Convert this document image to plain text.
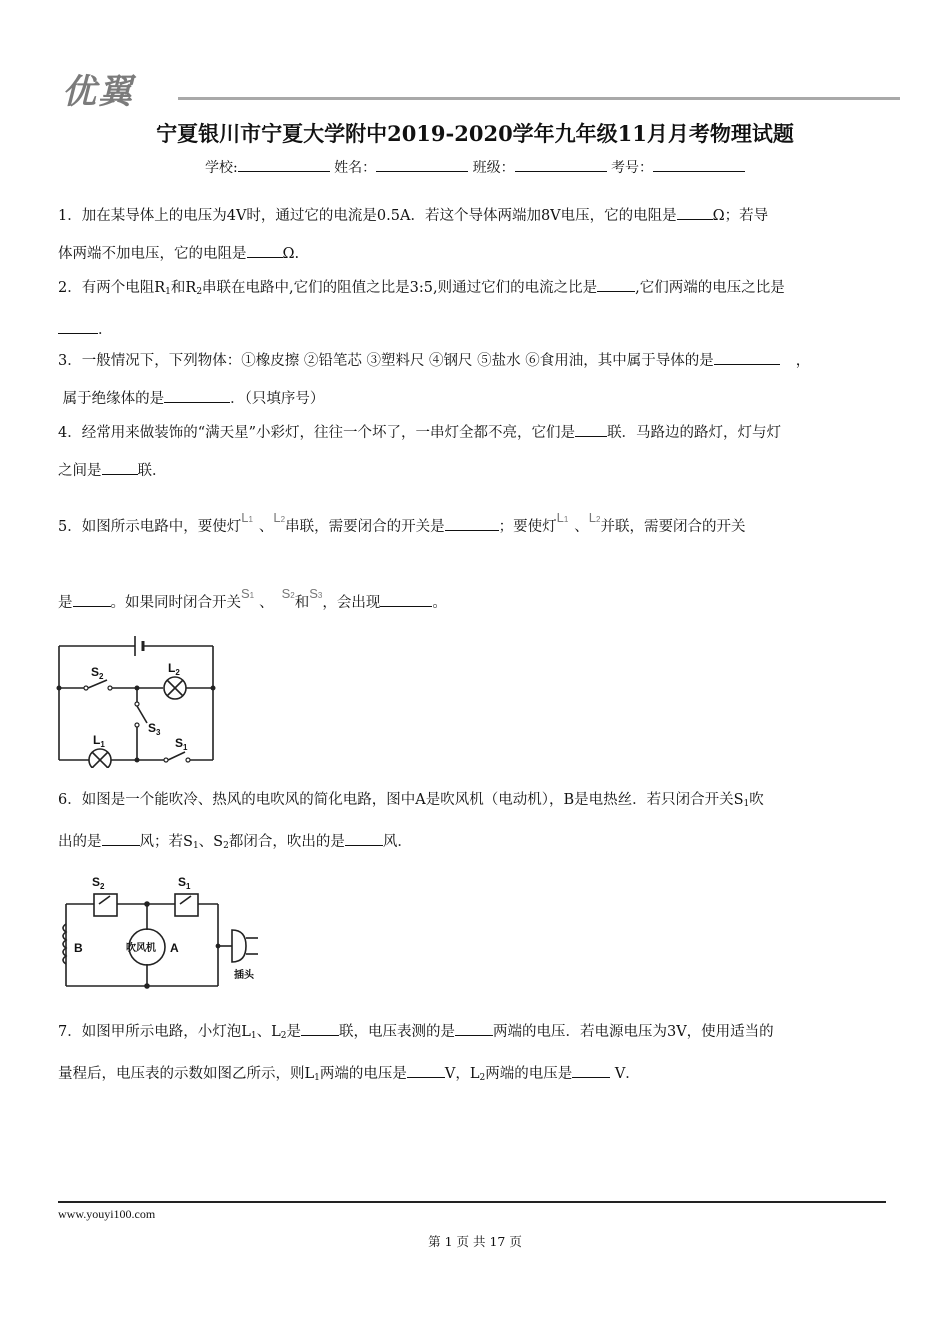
优翼
宁夏银川市宁夏大学附中2019-2020学年九年级11月月考物理试题
学校:	姓名：	班级：	考号：

1．加在某导体上的电压为4V时，通过它的电流是0.5A．若这个导体两端加8V电压，它的电阻是 Ω；若导

体两端不加电压，它的电阻是 Ω.

2．有两个电阻R1和R2串联在电路中,它们的阻值之比是3:5,则通过它们的电流之比是	,它们两端的电压之比是

．

3．一般情况下，下列物体：①橡皮擦 ②铅笔芯 ③塑料尺 ④钢尺 ⑤盐水 ⑥食用油，其中属于导体的是	，

属于绝缘体的是	．（只填序号）

4．经常用来做装饰的“满天星”小彩灯，往往一个坏了，一串灯全都不亮，它们是 联．马路边的路灯，灯与灯

之间是 联．

5．如图所示电路中，要使灯L1 、L2串联，需要闭合的开关是	；要使灯L1 、L2并联，需要闭合的开关

是	。如果同时闭合开关S1 、S2和S3，会出现	。

$S_2$
$L_2$
$S_3$
$L_1$	$S_1$

6．如图是一个能吹冷、热风的电吹风的简化电路，图中A是吹风机（电动机），B是电热丝．若只闭合开关S1吹

出的是	风；若S1、S2都闭合，吹出的是	风．

$S_2$	$S_1$
B	A
吹风机
插头

7．如图甲所示电路，小灯泡L1、L2是	联，电压表测的是	两端的电压．若电源电压为3V，使用适当的

量程后，电压表的示数如图乙所示，则L1两端的电压是	V，L2两端的电压是	V．

www.youyi100.com
第 1 页 共 17 页
